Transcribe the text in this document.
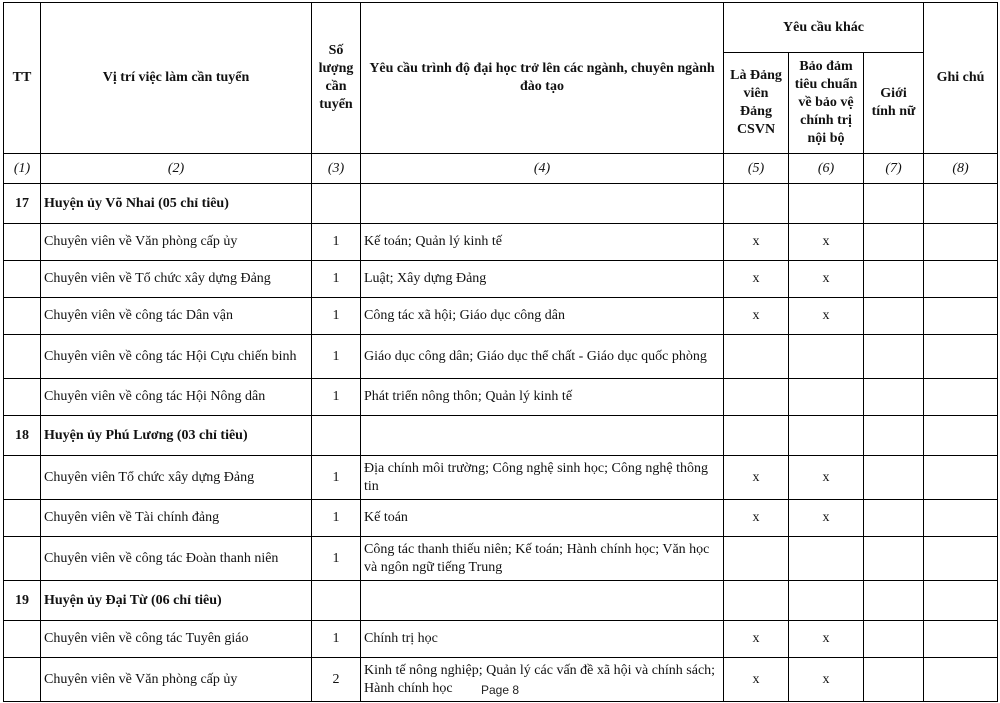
TT	Vị trí việc làm cần tuyển	Số lượng cần tuyển	Yêu cầu trình độ đại học trở lên các ngành, chuyên ngành đào tạo	Yêu cầu khác			Ghi chú
				Là Đảng viên Đảng CSVN	Bảo đảm tiêu chuẩn về bảo vệ chính trị nội bộ	Giới tính nữ	
(1)	(2)	(3)	(4)	(5)	(6)	(7)	(8)
17	Huyện ủy Võ Nhai (05 chỉ tiêu)						
	Chuyên viên về Văn phòng cấp ủy	1	Kế toán; Quản lý kinh tế	x	x		
	Chuyên viên về Tổ chức xây dựng Đảng	1	Luật; Xây dựng Đảng	x	x		
	Chuyên viên về công tác Dân vận	1	Công tác xã hội; Giáo dục công dân	x	x		
	Chuyên viên về công tác Hội Cựu chiến binh	1	Giáo dục công dân; Giáo dục thể chất - Giáo dục quốc phòng				
	Chuyên viên về công tác Hội Nông dân	1	Phát triển nông thôn; Quản lý kinh tế				
18	Huyện ủy Phú Lương (03 chỉ tiêu)						
	Chuyên viên Tổ chức xây dựng Đảng	1	Địa chính môi trường; Công nghệ sinh học; Công nghệ thông tin	x	x		
	Chuyên viên về Tài chính đảng	1	Kế toán	x	x		
	Chuyên viên về công tác Đoàn thanh niên	1	Công tác thanh thiếu niên; Kế toán; Hành chính học; Văn học và ngôn ngữ tiếng Trung				
19	Huyện ủy Đại Từ (06 chỉ tiêu)						
	Chuyên viên về công tác Tuyên giáo	1	Chính trị học	x	x		
	Chuyên viên về Văn phòng cấp ủy	2	Kinh tế nông nghiệp; Quản lý các vấn đề xã hội và chính sách; Hành chính học	x	x		
Page 8
